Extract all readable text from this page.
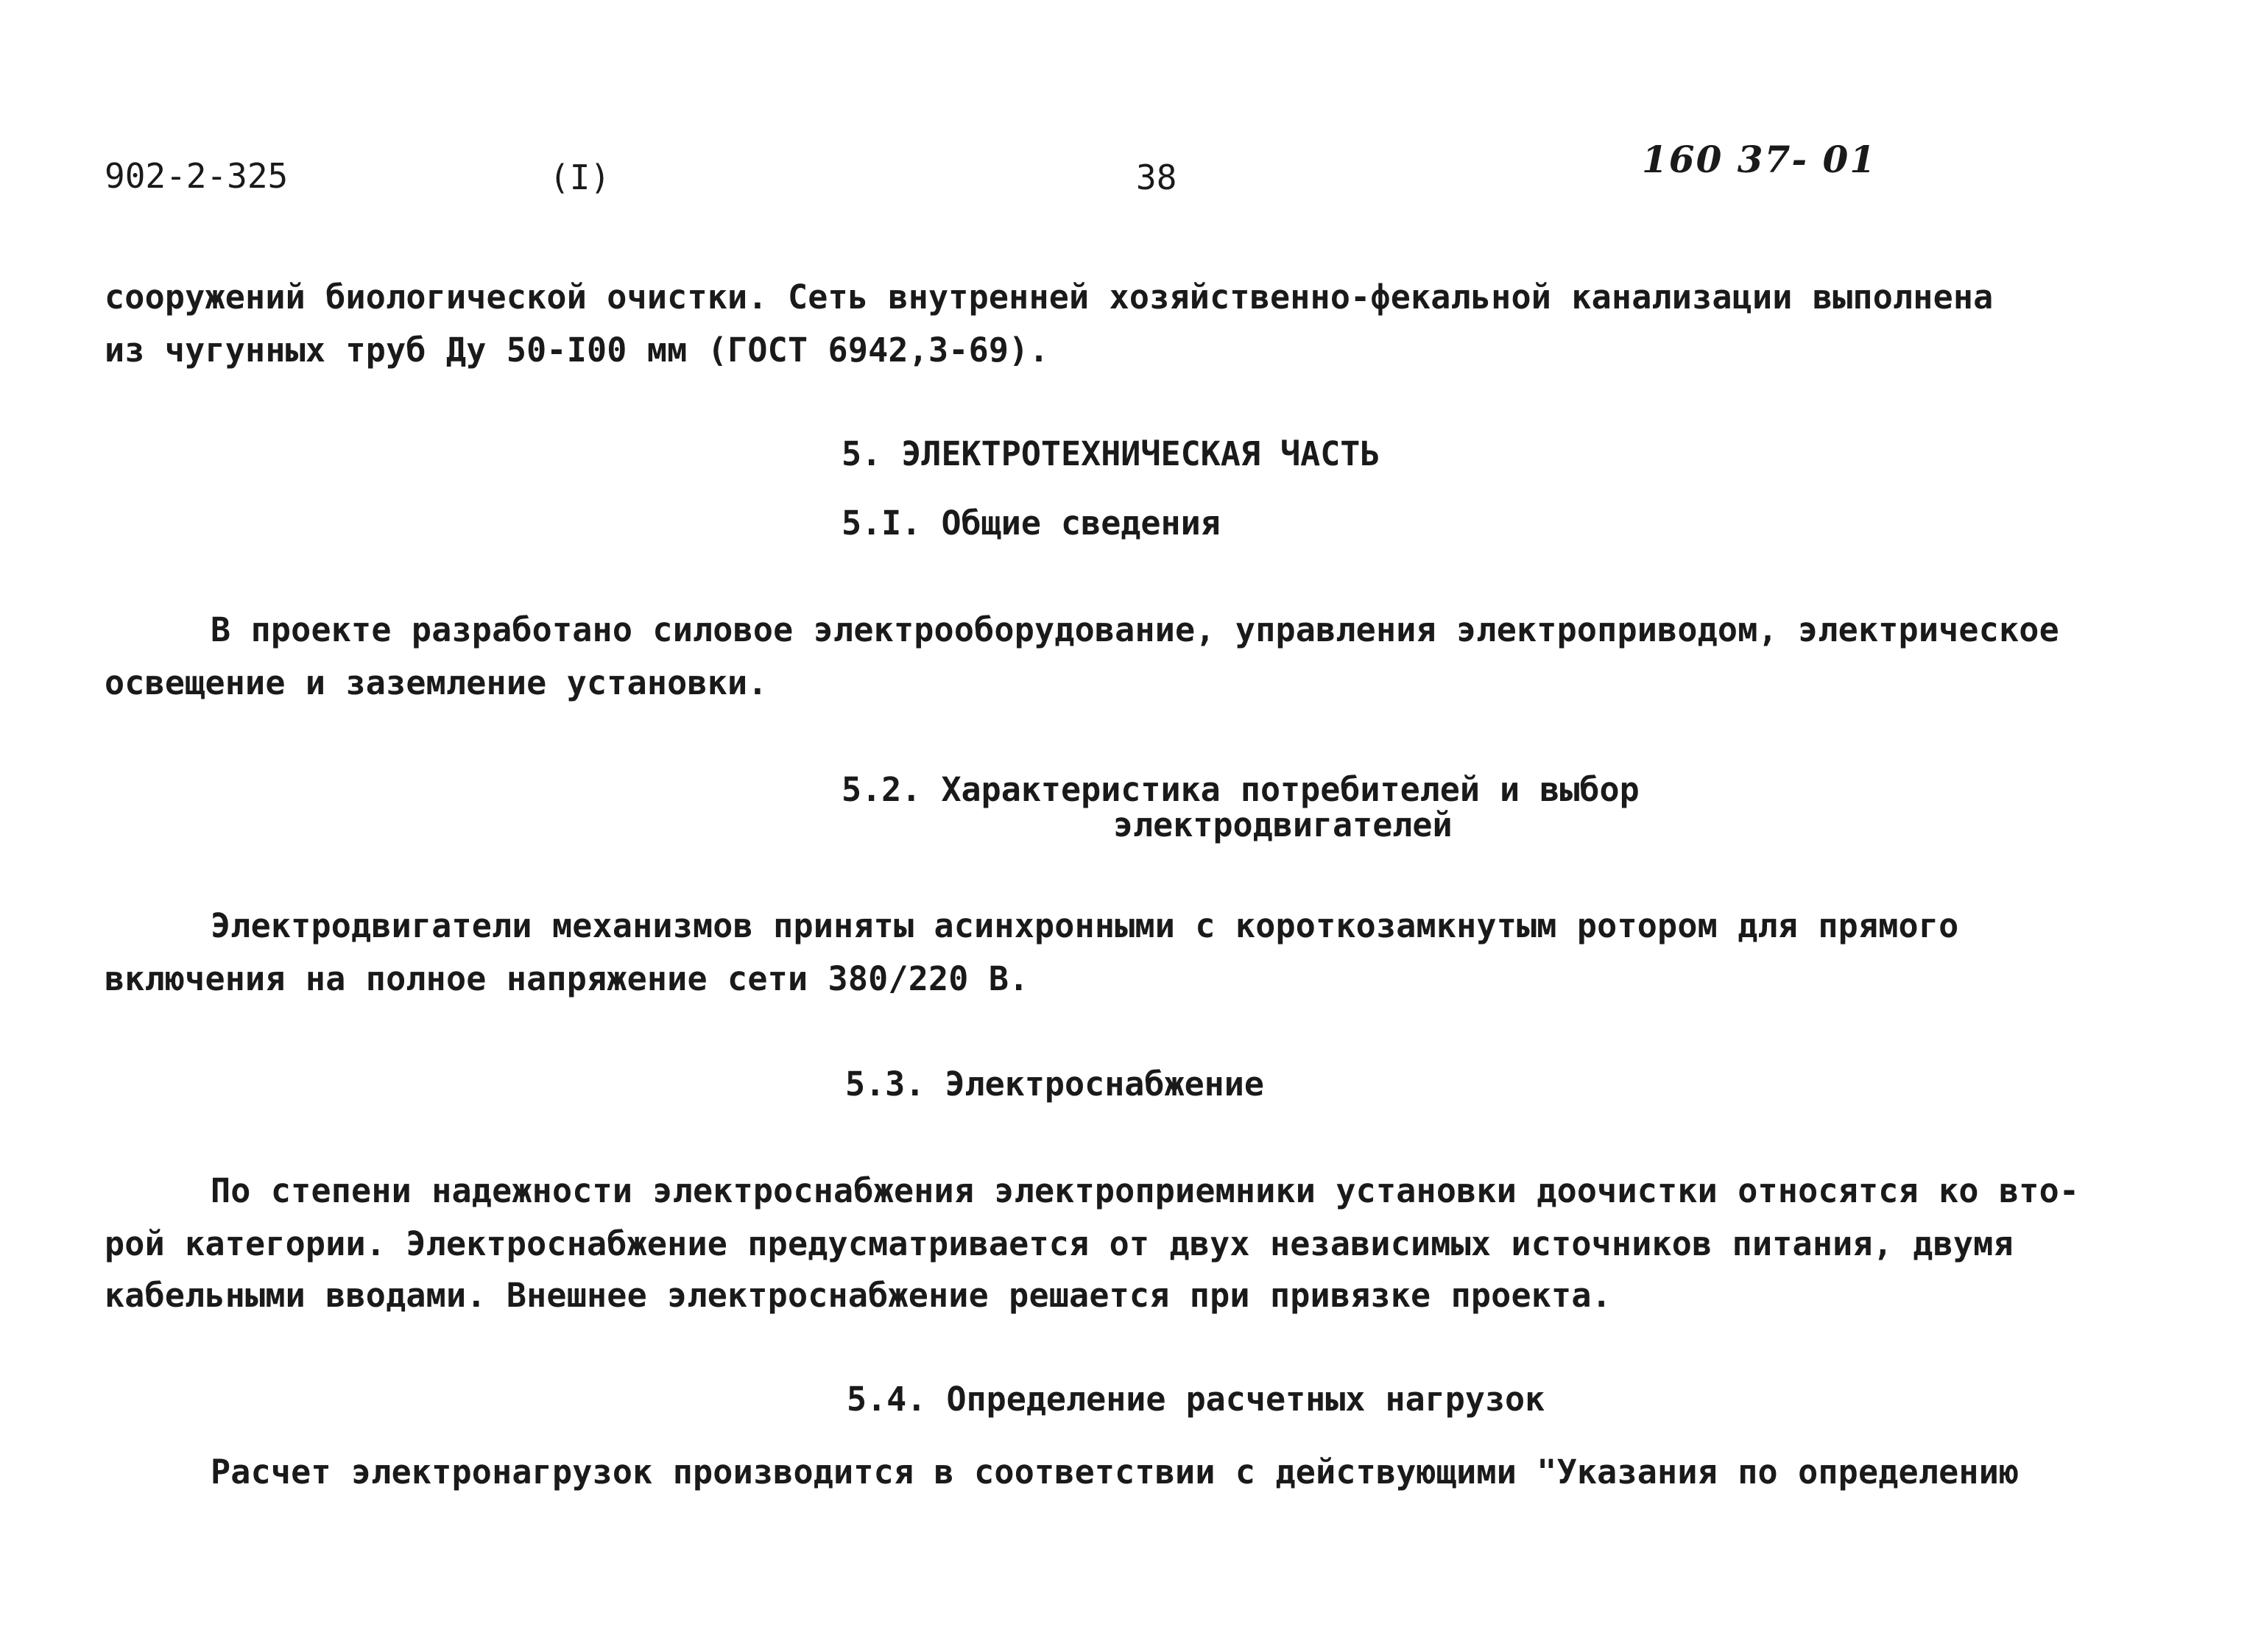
902-2-325	(I)	38	160 37- 01
сооружений биологической очистки. Сеть внутренней хозяйственно-фекальной канализации выполнена
из чугунных труб Ду 50-I00 мм (ГОСТ 6942,3-69).
5. ЭЛЕКТРОТЕХНИЧЕСКАЯ ЧАСТЬ
5.I. Общие сведения
В проекте разработано силовое электрооборудование, управления электроприводом, электрическое
освещение и заземление установки.
5.2. Характеристика потребителей и выбор
электродвигателей
Электродвигатели механизмов приняты асинхронными с короткозамкнутым ротором для прямого
включения на полное напряжение сети 380/220 В.
5.3. Электроснабжение
По степени надежности электроснабжения электроприемники установки доочистки относятся ко вто-
рой категории. Электроснабжение предусматривается от двух независимых источников питания, двумя
кабельными вводами. Внешнее электроснабжение решается при привязке проекта.
5.4. Определение расчетных нагрузок
Расчет электронагрузок производится в соответствии с действующими "Указания по определению
